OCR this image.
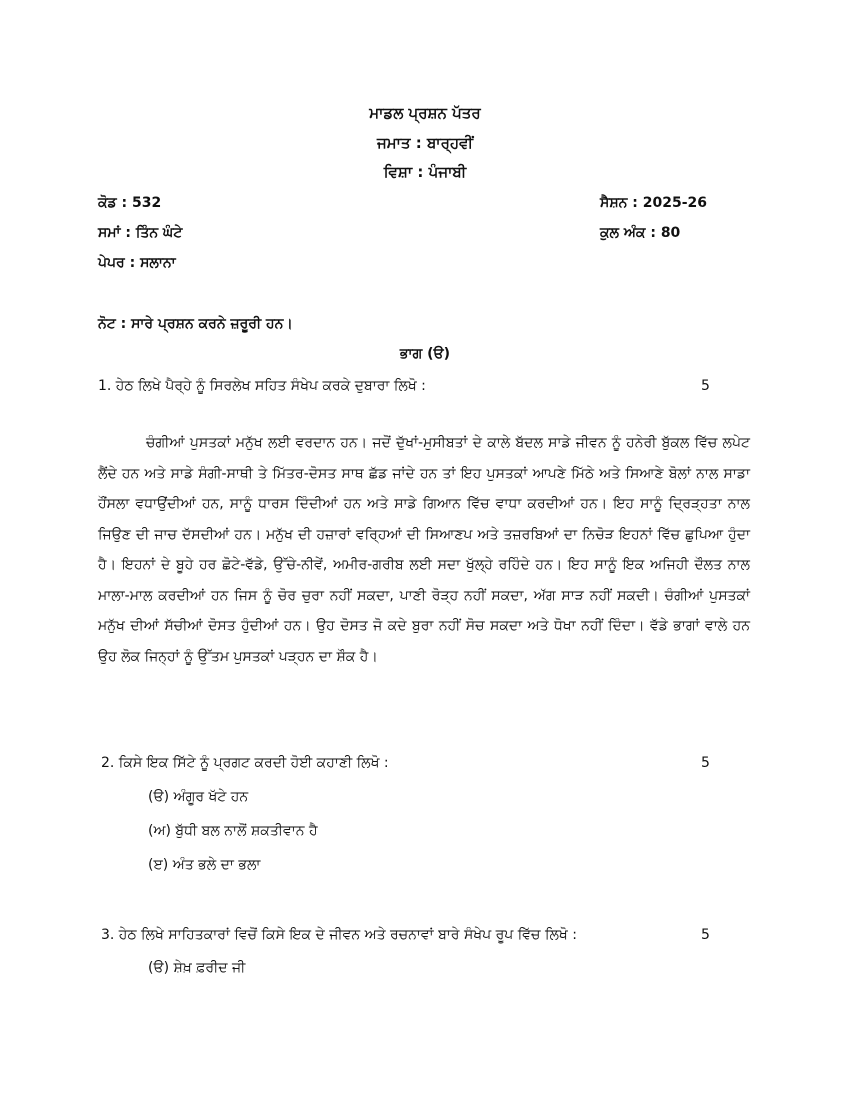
ਮਾਡਲ ਪ੍ਰਸ਼ਨ ਪੱਤਰ
ਜਮਾਤ : ਬਾਰ੍ਹਵੀਂ
ਵਿਸ਼ਾ : ਪੰਜਾਬੀ
ਕੋਡ : 532	ਸੈਸ਼ਨ : 2025-26
ਸਮਾਂ : ਤਿੰਨ ਘੰਟੇ	ਕੁਲ ਅੰਕ : 80
ਪੇਪਰ : ਸਲਾਨਾ
ਨੋਟ : ਸਾਰੇ ਪ੍ਰਸ਼ਨ ਕਰਨੇ ਜ਼ਰੂਰੀ ਹਨ।
ਭਾਗ (ੳ)
1. ਹੇਠ ਲਿਖੇ ਪੈਰ੍ਹੇ ਨੂੰ ਸਿਰਲੇਖ ਸਹਿਤ ਸੰਖੇਪ ਕਰਕੇ ਦੁਬਾਰਾ ਲਿਖੋ :	5
ਚੰਗੀਆਂ ਪੁਸਤਕਾਂ ਮਨੁੱਖ ਲਈ ਵਰਦਾਨ ਹਨ। ਜਦੋਂ ਦੁੱਖਾਂ-ਮੁਸੀਬਤਾਂ ਦੇ ਕਾਲੇ ਬੱਦਲ ਸਾਡੇ ਜੀਵਨ ਨੂੰ ਹਨੇਰੀ ਬੁੱਕਲ ਵਿੱਚ ਲਪੇਟ ਲੈਂਦੇ ਹਨ ਅਤੇ ਸਾਡੇ ਸੰਗੀ-ਸਾਥੀ ਤੇ ਮਿੱਤਰ-ਦੋਸਤ ਸਾਥ ਛੱਡ ਜਾਂਦੇ ਹਨ ਤਾਂ ਇਹ ਪੁਸਤਕਾਂ ਆਪਣੇ ਮਿੱਠੇ ਅਤੇ ਸਿਆਣੇ ਬੋਲਾਂ ਨਾਲ ਸਾਡਾ ਹੌਂਸਲਾ ਵਧਾਉਂਦੀਆਂ ਹਨ, ਸਾਨੂੰ ਧਾਰਸ ਦਿੰਦੀਆਂ ਹਨ ਅਤੇ ਸਾਡੇ ਗਿਆਨ ਵਿੱਚ ਵਾਧਾ ਕਰਦੀਆਂ ਹਨ। ਇਹ ਸਾਨੂੰ ਦ੍ਰਿੜ੍ਹਤਾ ਨਾਲ ਜਿਉਣ ਦੀ ਜਾਚ ਦੱਸਦੀਆਂ ਹਨ। ਮਨੁੱਖ ਦੀ ਹਜ਼ਾਰਾਂ ਵਰ੍ਹਿਆਂ ਦੀ ਸਿਆਣਪ ਅਤੇ ਤਜ਼ਰਬਿਆਂ ਦਾ ਨਿਚੋੜ ਇਹਨਾਂ ਵਿੱਚ ਛੁਪਿਆ ਹੁੰਦਾ ਹੈ। ਇਹਨਾਂ ਦੇ ਬੂਹੇ ਹਰ ਛੋਟੇ-ਵੱਡੇ, ਉੱਚੇ-ਨੀਵੇਂ, ਅਮੀਰ-ਗਰੀਬ ਲਈ ਸਦਾ ਖੁੱਲ੍ਹੇ ਰਹਿੰਦੇ ਹਨ। ਇਹ ਸਾਨੂੰ ਇਕ ਅਜਿਹੀ ਦੌਲਤ ਨਾਲ ਮਾਲਾ-ਮਾਲ ਕਰਦੀਆਂ ਹਨ ਜਿਸ ਨੂੰ ਚੋਰ ਚੁਰਾ ਨਹੀਂ ਸਕਦਾ, ਪਾਣੀ ਰੋੜ੍ਹ ਨਹੀਂ ਸਕਦਾ, ਅੱਗ ਸਾੜ ਨਹੀਂ ਸਕਦੀ। ਚੰਗੀਆਂ ਪੁਸਤਕਾਂ ਮਨੁੱਖ ਦੀਆਂ ਸੱਚੀਆਂ ਦੋਸਤ ਹੁੰਦੀਆਂ ਹਨ। ਉਹ ਦੋਸਤ ਜੋ ਕਦੇ ਬੁਰਾ ਨਹੀਂ ਸੋਚ ਸਕਦਾ ਅਤੇ ਧੋਖਾ ਨਹੀਂ ਦਿੰਦਾ। ਵੱਡੇ ਭਾਗਾਂ ਵਾਲੇ ਹਨ ਉਹ ਲੋਕ ਜਿਨ੍ਹਾਂ ਨੂੰ ਉੱਤਮ ਪੁਸਤਕਾਂ ਪੜ੍ਹਨ ਦਾ ਸ਼ੌਕ ਹੈ।
2. ਕਿਸੇ ਇਕ ਸਿੱਟੇ ਨੂੰ ਪ੍ਰਗਟ ਕਰਦੀ ਹੋਈ ਕਹਾਣੀ ਲਿਖੋ :	5
(ੳ) ਅੰਗੂਰ ਖੱਟੇ ਹਨ
(ਅ) ਬੁੱਧੀ ਬਲ ਨਾਲੋਂ ਸ਼ਕਤੀਵਾਨ ਹੈ
(ੲ) ਅੰਤ ਭਲੇ ਦਾ ਭਲਾ
3. ਹੇਠ ਲਿਖੇ ਸਾਹਿਤਕਾਰਾਂ ਵਿਚੋਂ ਕਿਸੇ ਇਕ ਦੇ ਜੀਵਨ ਅਤੇ ਰਚਨਾਵਾਂ ਬਾਰੇ ਸੰਖੇਪ ਰੂਪ ਵਿੱਚ ਲਿਖੋ :	5
(ੳ) ਸ਼ੇਖ਼ ਫ਼ਰੀਦ ਜੀ
